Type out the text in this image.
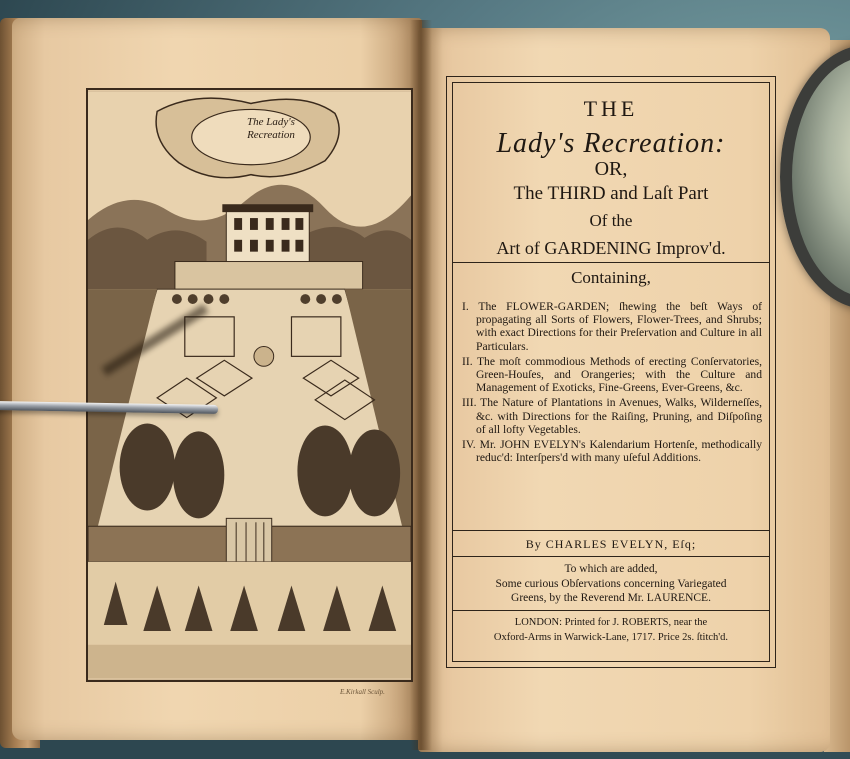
The Lady's
Recreation
E.Kirkall Sculp.
THE
Lady's Recreation:
OR,
The THIRD and Laſt Part
Of the
Art of GARDENING Improv'd.
Containing,

I. The FLOWER-GARDEN; ſhewing the beſt Ways of propagating all Sorts of Flowers, Flower-Trees, and Shrubs; with exact Directions for their Preſervation and Culture in all Particulars.

II. The moſt commodious Methods of erecting Conſervatories, Green-Houſes, and Orangeries; with the Culture and Management of Exoticks, Fine-Greens, Ever-Greens, &c.

III. The Nature of Plantations in Avenues, Walks, Wilderneſſes, &c. with Directions for the Raiſing, Pruning, and Diſpoſing of all lofty Vegetables.

IV. Mr. JOHN EVELYN's Kalendarium Hortenſe, methodically reduc'd: Interſpers'd with many uſeful Additions.

By CHARLES EVELYN, Eſq;
To which are added,
Some curious Obſervations concerning Variegated
Greens, by the Reverend Mr. LAURENCE.
LONDON: Printed for J. ROBERTS, near the
Oxford-Arms in Warwick-Lane, 1717. Price 2s. ſtitch'd.
